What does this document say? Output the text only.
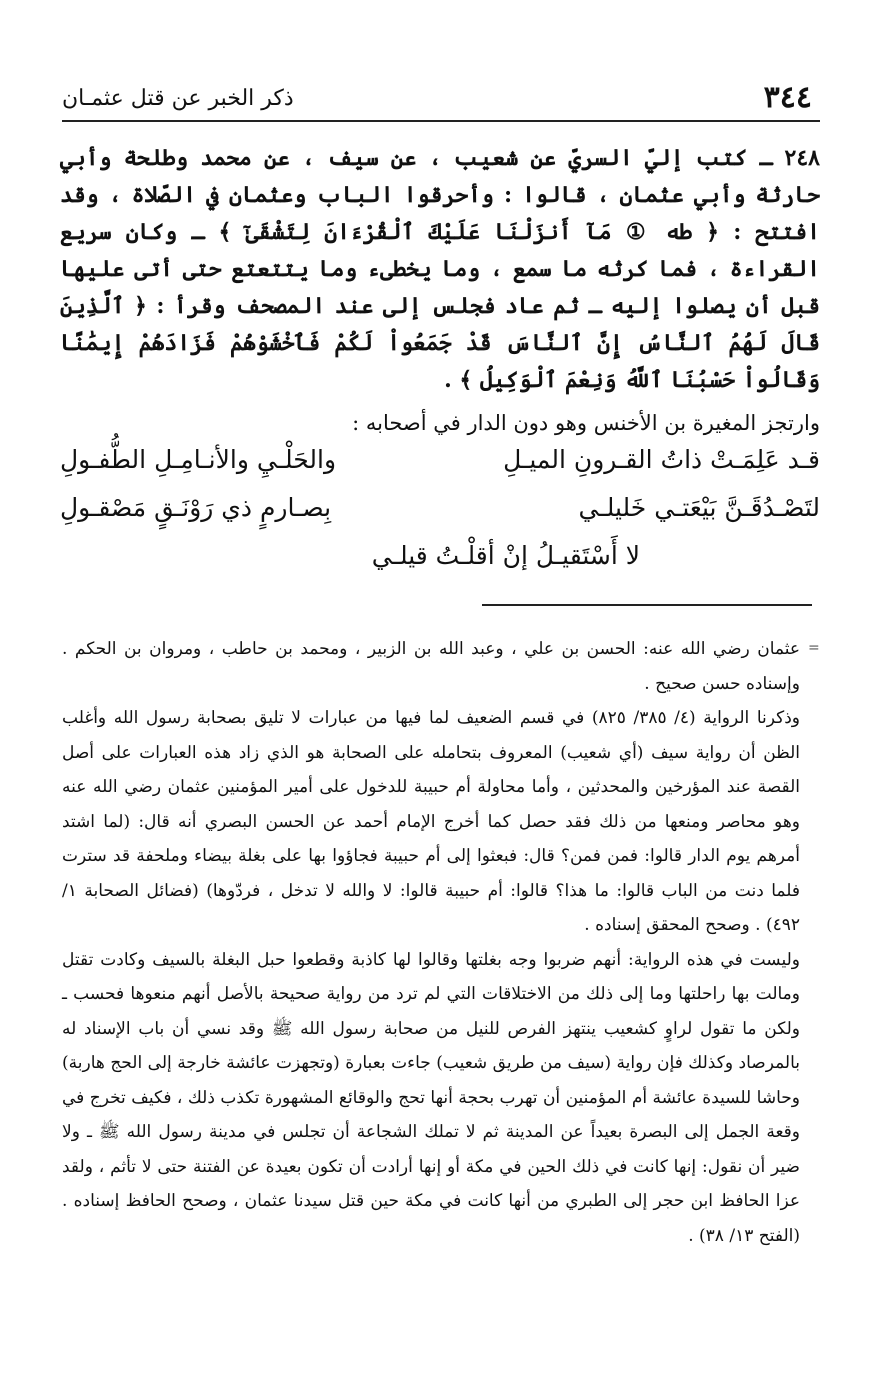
٣٤٤
ذكر الخبر عن قتل عثمـان

٢٤٨ ـ كتب إليّ السريّ عن شعيب ، عن سيف ، عن محمد وطلحة وأبي حارثة وأبي عثمان ، قالوا : وأحرقوا الباب وعثمان في الصّلاة ، وقد افتتح : ﴿ طه ① مَآ أَنزَلْنَا عَلَيْكَ ٱلْقُرْءَانَ لِتَشْقَىٰٓ ﴾ ـ وكان سريع القراءة ، فما كرثه ما سمع ، وما يخطىء وما يتتعتع حتى أتى عليها قبل أن يصلوا إليه ـ ثم عاد فجلس إلى عند المصحف وقرأ : ﴿ ٱلَّذِينَ قَالَ لَهُمُ ٱلنَّاسُ إِنَّ ٱلنَّاسَ قَدْ جَمَعُواْ لَكُمْ فَٱخْشَوْهُمْ فَزَادَهُمْ إِيمَٰنًا وَقَالُواْ حَسْبُنَا ٱللَّهُ وَنِعْمَ ٱلْوَكِيلُ ﴾ .

وارتجز المغيرة بن الأخنس وهو دون الدار في أصحابه :
قـد عَلِمَـتْ ذاتُ القـرونِ الميـلِ
والحَلْـيِ والأنـامِـلِ الطُّفـولِ
لتَصْـدُقَـنَّ بَيْعَتـي خَليلـي
بِصـارمٍ ذي رَوْنَـقٍ مَصْقـولِ
لا أَسْتَقيـلُ إنْ أقلْـتُ قيلـي
=

عثمان رضي الله عنه: الحسن بن علي ، وعبد الله بن الزبير ، ومحمد بن حاطب ، ومروان بن الحكم . وإسناده حسن صحيح .

وذكرنا الرواية (٤/ ٣٨٥/ ٨٢٥) في قسم الضعيف لما فيها من عبارات لا تليق بصحابة رسول الله وأغلب الظن أن رواية سيف (أي شعيب) المعروف بتحامله على الصحابة هو الذي زاد هذه العبارات على أصل القصة عند المؤرخين والمحدثين ، وأما محاولة أم حبيبة للدخول على أمير المؤمنين عثمان رضي الله عنه وهو محاصر ومنعها من ذلك فقد حصل كما أخرج الإمام أحمد عن الحسن البصري أنه قال: (لما اشتد أمرهم يوم الدار قالوا: فمن فمن؟ قال: فبعثوا إلى أم حبيبة فجاؤوا بها على بغلة بيضاء وملحفة قد سترت فلما دنت من الباب قالوا: ما هذا؟ قالوا: أم حبيبة قالوا: لا والله لا تدخل ، فردّوها) (فضائل الصحابة ١/ ٤٩٢) . وصحح المحقق إسناده .

وليست في هذه الرواية: أنهم ضربوا وجه بغلتها وقالوا لها كاذبة وقطعوا حبل البغلة بالسيف وكادت تقتل ومالت بها راحلتها وما إلى ذلك من الاختلاقات التي لم ترد من رواية صحيحة بالأصل أنهم منعوها فحسب ـ ولكن ما تقول لراوٍ كشعيب ينتهز الفرص للنيل من صحابة رسول الله ﷺ وقد نسي أن باب الإسناد له بالمرصاد وكذلك فإن رواية (سيف من طريق شعيب) جاءت بعبارة (وتجهزت عائشة خارجة إلى الحج هاربة) وحاشا للسيدة عائشة أم المؤمنين أن تهرب بحجة أنها تحج والوقائع المشهورة تكذب ذلك ، فكيف تخرج في وقعة الجمل إلى البصرة بعيداً عن المدينة ثم لا تملك الشجاعة أن تجلس في مدينة رسول الله ﷺ ـ ولا ضير أن نقول: إنها كانت في ذلك الحين في مكة أو إنها أرادت أن تكون بعيدة عن الفتنة حتى لا تأثم ، ولقد عزا الحافظ ابن حجر إلى الطبري من أنها كانت في مكة حين قتل سيدنا عثمان ، وصحح الحافظ إسناده . (الفتح ١٣/ ٣٨) .
